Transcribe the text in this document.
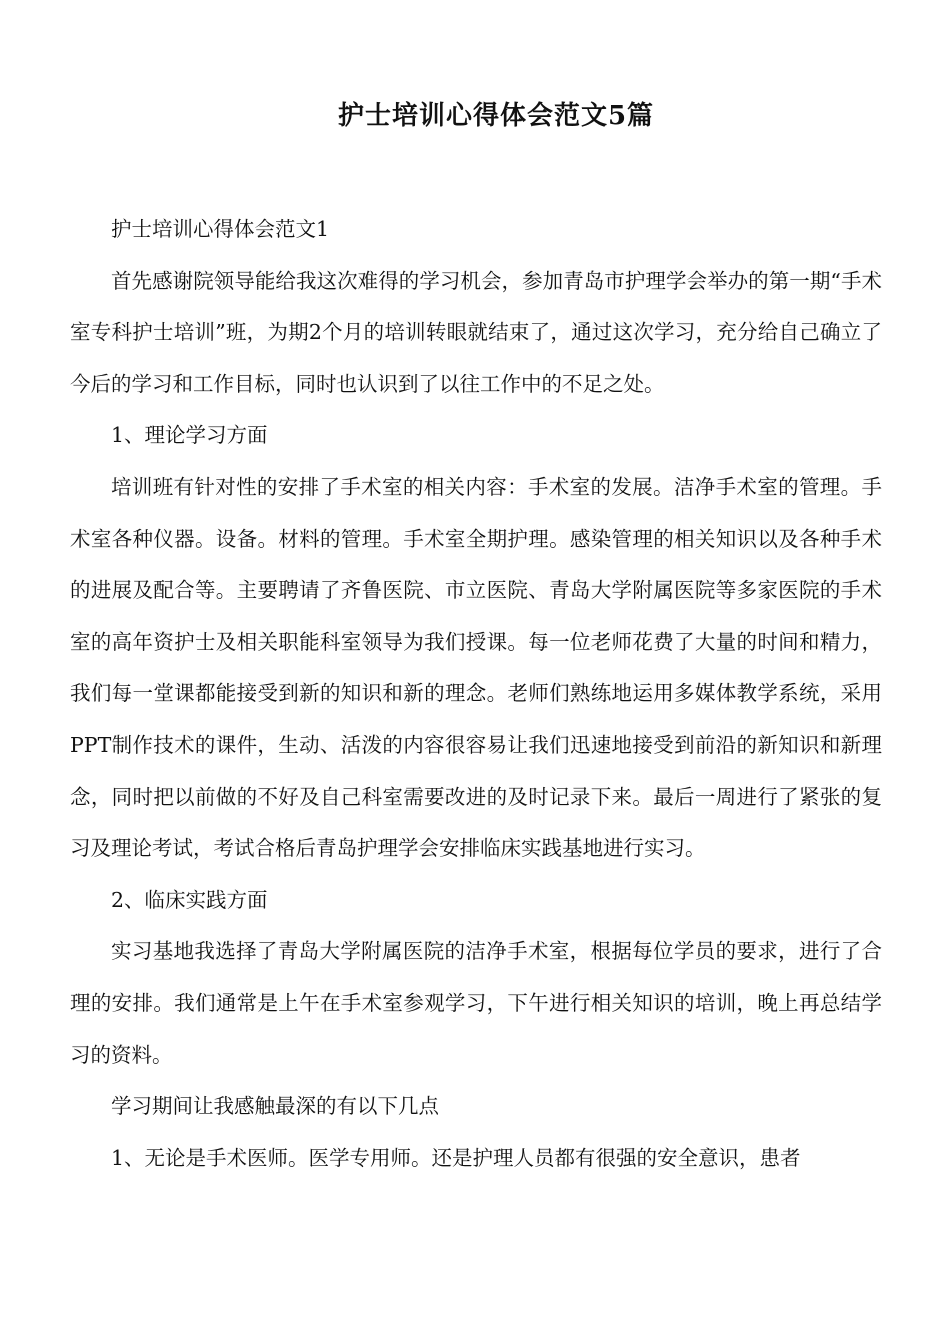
护士培训心得体会范文5篇

护士培训心得体会范文1

首先感谢院领导能给我这次难得的学习机会，参加青岛市护理学会举办的第一期“手术室专科护士培训”班，为期2个月的培训转眼就结束了，通过这次学习，充分给自己确立了今后的学习和工作目标，同时也认识到了以往工作中的不足之处。

1、理论学习方面

培训班有针对性的安排了手术室的相关内容：手术室的发展。洁净手术室的管理。手术室各种仪器。设备。材料的管理。手术室全期护理。感染管理的相关知识以及各种手术的进展及配合等。主要聘请了齐鲁医院、市立医院、青岛大学附属医院等多家医院的手术室的高年资护士及相关职能科室领导为我们授课。每一位老师花费了大量的时间和精力，我们每一堂课都能接受到新的知识和新的理念。老师们熟练地运用多媒体教学系统，采用PPT制作技术的课件，生动、活泼的内容很容易让我们迅速地接受到前沿的新知识和新理念，同时把以前做的不好及自己科室需要改进的及时记录下来。最后一周进行了紧张的复习及理论考试，考试合格后青岛护理学会安排临床实践基地进行实习。

2、临床实践方面

实习基地我选择了青岛大学附属医院的洁净手术室，根据每位学员的要求，进行了合理的安排。我们通常是上午在手术室参观学习，下午进行相关知识的培训，晚上再总结学习的资料。

学习期间让我感触最深的有以下几点

1、无论是手术医师。医学专用师。还是护理人员都有很强的安全意识，患者
